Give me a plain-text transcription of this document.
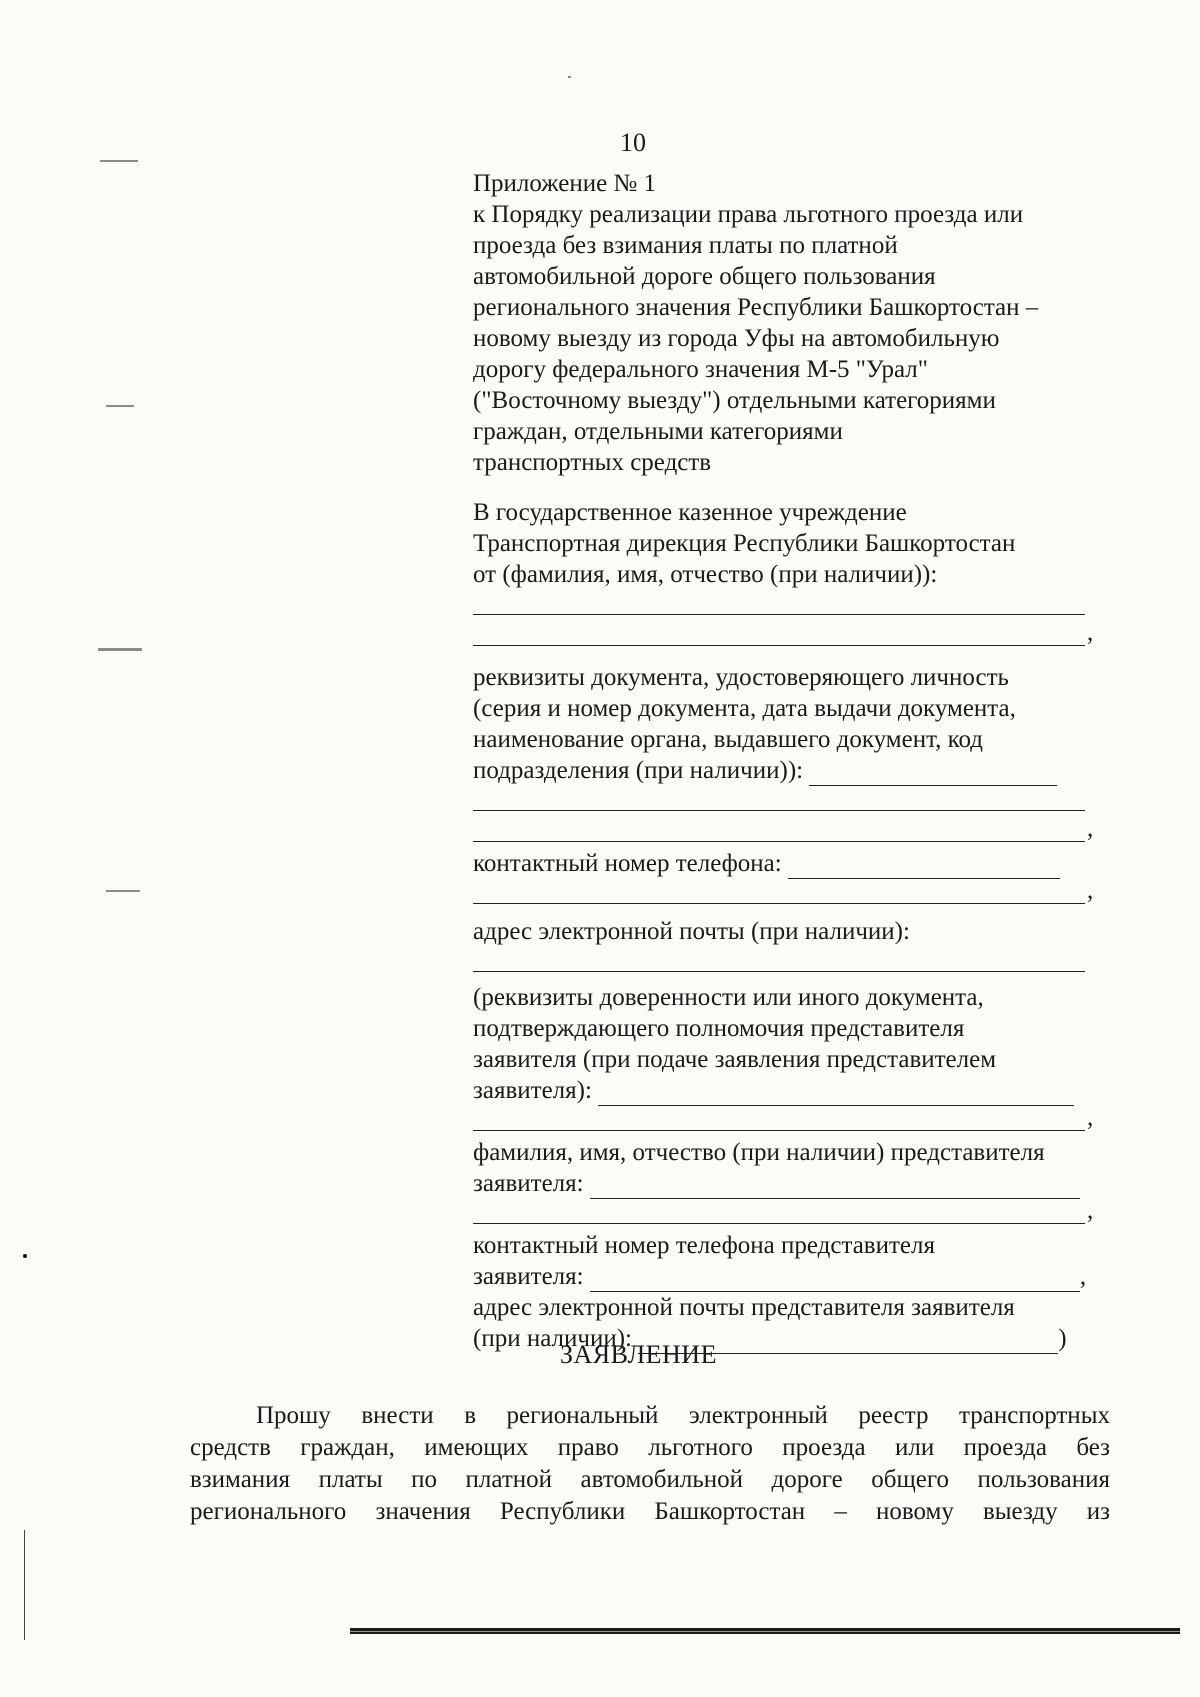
10
Приложение № 1
к Порядку реализации права льготного проезда или
проезда без взимания платы по платной
автомобильной дороге общего пользования
регионального значения Республики Башкортостан –
новому выезду из города Уфы на автомобильную
дорогу федерального значения М-5 "Урал"
("Восточному выезду") отдельными категориями
граждан, отдельными категориями
транспортных средств
В государственное казенное учреждение
Транспортная дирекция Республики Башкортостан
от (фамилия, имя, отчество (при наличии)):
,
реквизиты документа, удостоверяющего личность
(серия и номер документа, дата выдачи документа,
наименование органа, выдавшего документ, код
подразделения (при наличии)):
,
контактный номер телефона:
,
адрес электронной почты (при наличии):
(реквизиты доверенности или иного документа,
подтверждающего полномочия представителя
заявителя (при подаче заявления представителем
заявителя):
,
фамилия, имя, отчество (при наличии) представителя
заявителя:
,
контактный номер телефона представителя
заявителя:	,
адрес электронной почты представителя заявителя
(при наличии):	)
ЗАЯВЛЕНИЕ
Прошу внести в региональный электронный реестр транспортных
средств граждан, имеющих право льготного проезда или проезда без
взимания платы по платной автомобильной дороге общего пользования
регионального значения Республики Башкортостан – новому выезду из
